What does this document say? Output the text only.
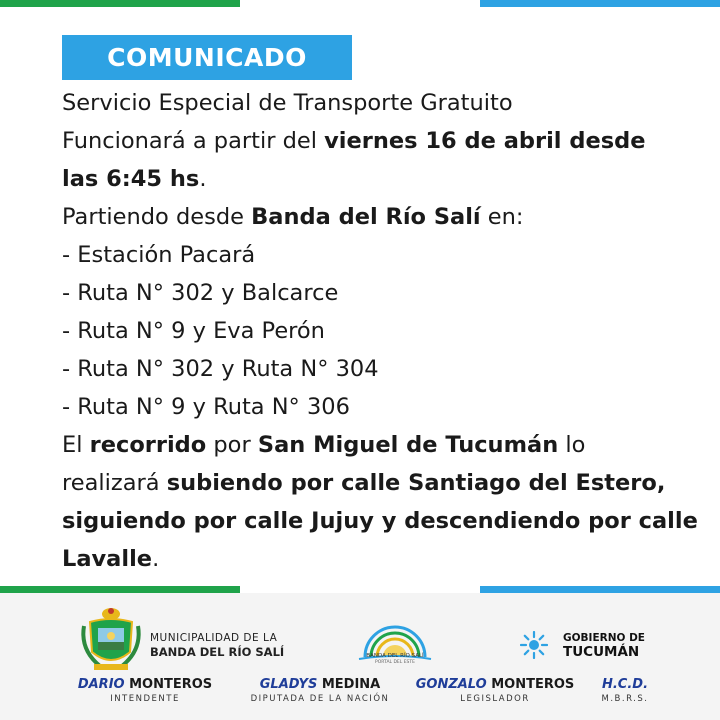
COMUNICADO
Servicio Especial de Transporte Gratuito
Funcionará a partir del viernes 16 de abril desde
las 6:45 hs.
Partiendo desde Banda del Río Salí en:
- Estación Pacará
- Ruta N° 302 y Balcarce
- Ruta N° 9 y Eva Perón
- Ruta N° 302 y Ruta N° 304
- Ruta N° 9 y Ruta N° 306
El recorrido por San Miguel de Tucumán lo
realizará subiendo por calle Santiago del Estero,
siguiendo por calle Jujuy y descendiendo por calle
Lavalle.
MUNICIPALIDAD DE LA
BANDA DEL RÍO SALÍ	BANDA DEL RÍO SALÍ
PORTAL DEL ESTE
GOBIERNO DE
TUCUMÁN
DARIO MONTEROS
INTENDENTE
GLADYS MEDINA
DIPUTADA DE LA NACIÓN
GONZALO MONTEROS
LEGISLADOR
H.C.D.
M.B.R.S.
